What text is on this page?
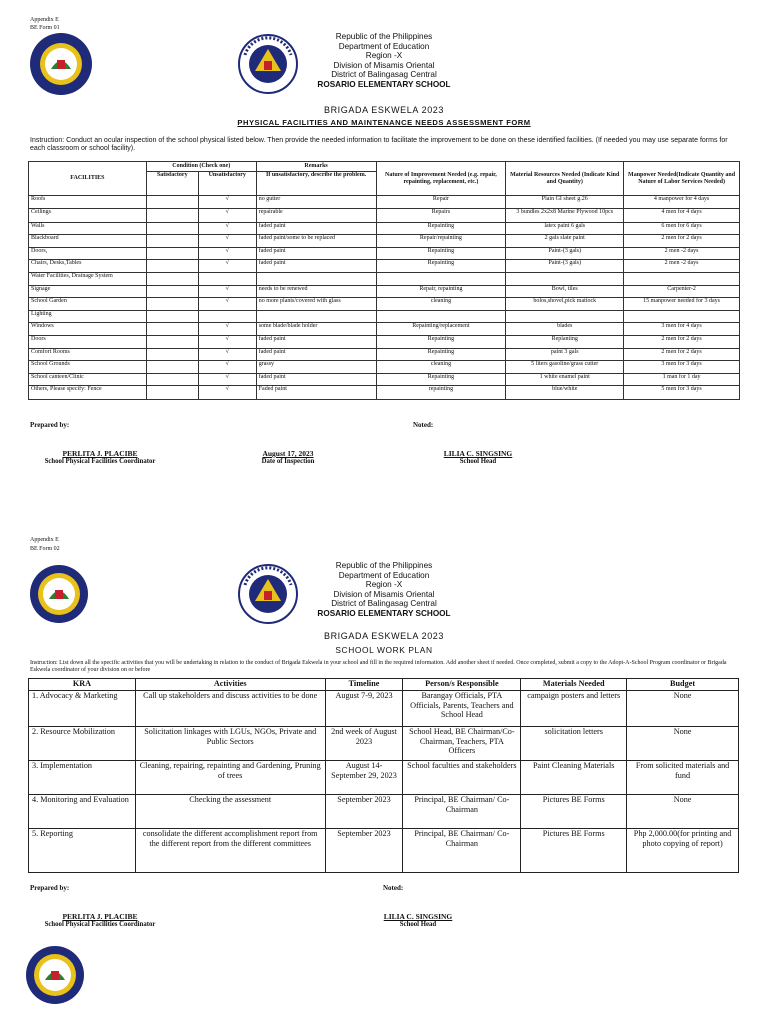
Appendix E
BE Form 01
Republic of the Philippines
Department of Education
Region -X
Division of Misamis Oriental
District of Balingasag Central
ROSARIO ELEMENTARY SCHOOL
BRIGADA ESKWELA 2023
PHYSICAL FACILITIES AND MAINTENANCE NEEDS ASSESSMENT FORM
Instruction: Conduct an ocular inspection of the school physical listed below. Then provide the needed information to facilitate the improvement to be done on these identified facilities. (If needed you may use separate forms for each classroom or school facility).
FACILITIES	Condition (Check one)		Remarks	Nature of Improvement Needed (e.g. repair, repainting, replacement, etc.)	Material Resources Needed (Indicate Kind and Quantity)	Manpower Needed(Indicate Quantity and Nature of Labor Services Needed)
	Satisfactory	Unsatisfactory	If unsatisfactory, describe the problem.			
Roofs		√	no gutter	Repair	Plain GI sheet g.26	4 manpower for 4 days
Ceilings		√	repairable	Repairs	3 bundles 2x2x8 Marine Plywood 10pcs	4 men for 4 days
Walls		√	faded paint	Repainting	latex paint 6 gals	6 men for 6 days
Blackboard		√	faded paint/some to be replaced	Repair/repainting	2 gals slate paint	2 men for 2 days
Doors,		√	faded paint	Repainting	Paint-(3 gals)	2 men -2 days
Chairs, Desks,Tables		√	faded paint	Repainting	Paint-(3 gals)	2 men -2 days
Water Facilities, Drainage System						
Signage		√	needs to be renewed	Repair, repainting	Bowl, tiles	Carpenter-2
School Garden		√	no more plants/covered with glass	cleaning	bolos,shovel,pick mattock	15 manpower needed for 3 days
Lighting						
Windows		√	some blade/blade holder	Repainting/replacement	blades	3 men for 4 days
Doors		√	faded paint	Repainting	Replanting	2 men for 2 days
Comfort Rooms		√	faded paint	Repainting	paint 3 gals	2 men for 2 days
School Grounds		√	grassy	cleaning	5 liters gasoline/grass cutter	3 men for 3 days
School canteen/Clinic		√	faded paint	Repainting	1 white enamel paint	1 man for 1 day
Others, Please specify: Fence		√	Faded paint	repainting	blue/white	5 men for 3 days
Prepared by:	Noted:
PERLITA J. PLACIBE
School Physical Facilities Coordinator
August 17, 2023
Date of Inspection
LILIA C. SINGSING
School Head
Appendix E
BE Form 02
Republic of the Philippines
Department of Education
Region -X
Division of Misamis Oriental
District of Balingasag Central
ROSARIO ELEMENTARY SCHOOL
BRIGADA ESKWELA 2023
SCHOOL WORK PLAN
Instruction: List down all the specific activities that you will be undertaking in relation to the conduct of Brigada Eskwela in your school and fill in the required information. Add another sheet if needed. Once completed, submit a copy to the Adopt-A-School Program coordinator or Brigada Eskwela coordinator of your division on or before
KRA	Activities	Timeline	Person/s Responsible	Materials Needed	Budget
1. Advocacy & Marketing	Call up stakeholders and discuss activities to be done	August 7-9, 2023	Barangay Officials, PTA Officials, Parents, Teachers and School Head	campaign posters and letters	None
2. Resource Mobilization	Solicitation linkages with LGUs, NGOs, Private and Public Sectors	2nd week of August 2023	School Head, BE Chairman/Co-Chairman, Teachers, PTA Officers	solicitation letters	None
3. Implementation	Cleaning, repairing, repainting and Gardening, Pruning of trees	August 14- September 29, 2023	School faculties and stakeholders	Paint Cleaning Materials	From solicited materials and fund
4. Monitoring and Evaluation	Checking the assessment	September 2023	Principal, BE Chairman/ Co-Chairman	Pictures BE Forms	None
5. Reporting	consolidate the different accomplishment report from the different report from the different committees	September 2023	Principal, BE Chairman/ Co-Chairman	Pictures BE Forms	Php 2,000.00(for printing and photo copying of report)
Prepared by:	Noted:
PERLITA J. PLACIBE
School Physical Facilities Coordinator
LILIA C. SINGSING
School Head
